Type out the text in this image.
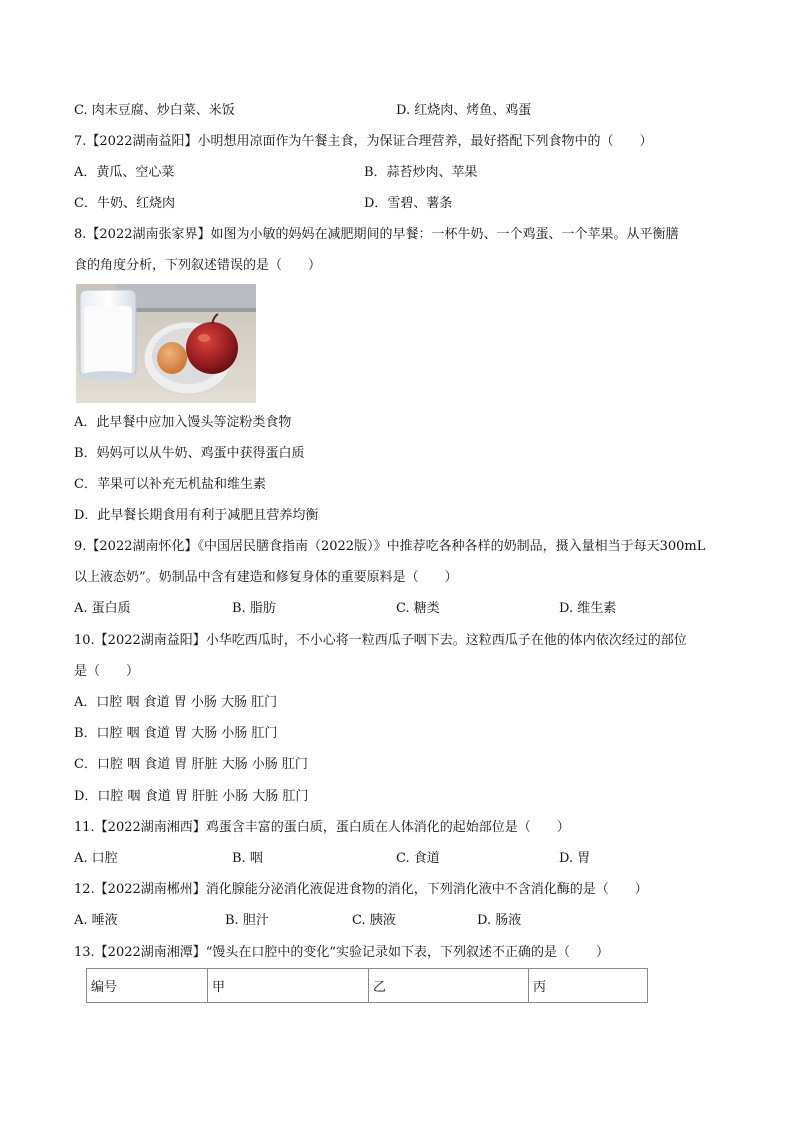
C. 肉末豆腐、炒白菜、米饭	D. 红烧肉、烤鱼、鸡蛋
7.【2022湖南益阳】小明想用凉面作为午餐主食，为保证合理营养，最好搭配下列食物中的（　　）
A．黄瓜、空心菜	B．蒜苔炒肉、苹果
C．牛奶、红烧肉	D．雪碧、薯条
8.【2022湖南张家界】如图为小敏的妈妈在减肥期间的早餐：一杯牛奶、一个鸡蛋、一个苹果。从平衡膳
食的角度分析，下列叙述错误的是（　　）
A．此早餐中应加入馒头等淀粉类食物
B．妈妈可以从牛奶、鸡蛋中获得蛋白质
C．苹果可以补充无机盐和维生素
D．此早餐长期食用有利于减肥且营养均衡
9.【2022湖南怀化】《中国居民膳食指南（2022版）》中推荐吃各种各样的奶制品，摄入量相当于每天300mL
以上液态奶”。奶制品中含有建造和修复身体的重要原料是（　　）
A. 蛋白质	B. 脂肪	C. 糖类	D. 维生素
10.【2022湖南益阳】小华吃西瓜时，不小心将一粒西瓜子咽下去。这粒西瓜子在他的体内依次经过的部位
是（　　）
A．口腔 咽 食道 胃 小肠 大肠 肛门
B．口腔 咽 食道 胃 大肠 小肠 肛门
C．口腔 咽 食道 胃 肝脏 大肠 小肠 肛门
D．口腔 咽 食道 胃 肝脏 小肠 大肠 肛门
11.【2022湖南湘西】鸡蛋含丰富的蛋白质，蛋白质在人体消化的起始部位是（　　）
A. 口腔	B. 咽	C. 食道	D. 胃
12.【2022湖南郴州】消化腺能分泌消化液促进食物的消化，下列消化液中不含消化酶的是（　　）
A. 唾液	B. 胆汁	C. 胰液	D. 肠液
13.【2022湖南湘潭】“馒头在口腔中的变化”实验记录如下表，下列叙述不正确的是（　　）
编号	甲	乙	丙
